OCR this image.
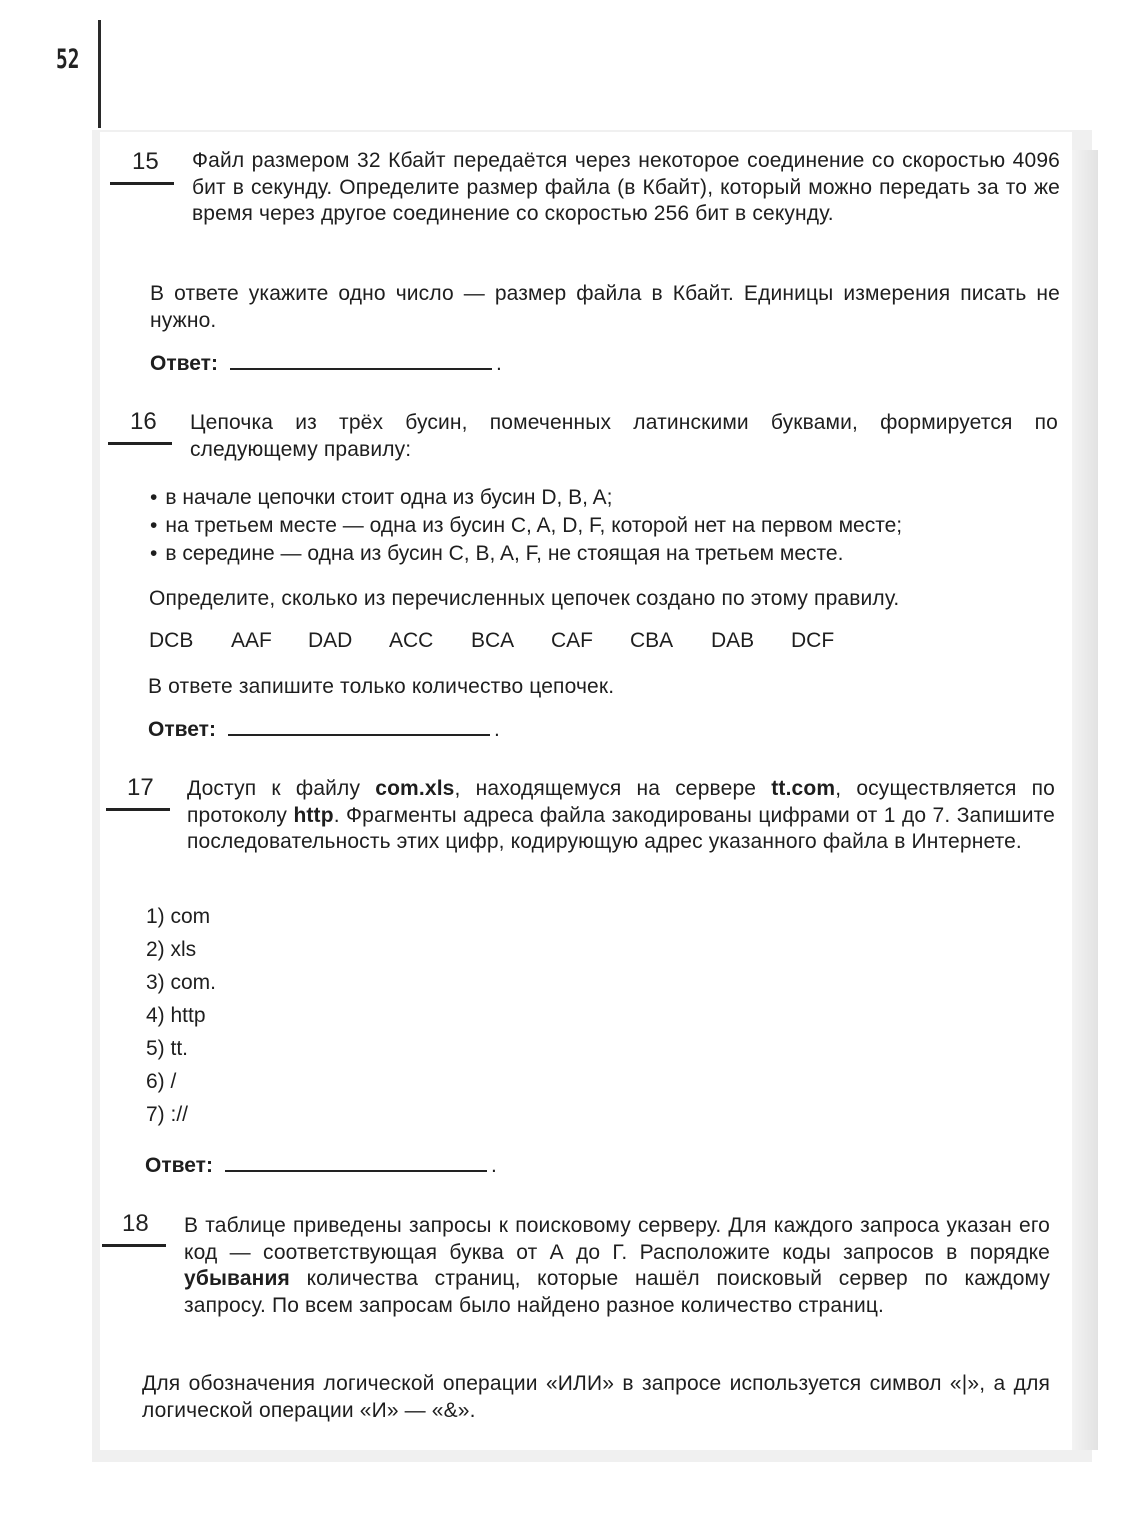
52
15 Файл размером 32 Кбайт передаётся через некоторое соединение со скоростью 4096 бит в секунду. Определите размер файла (в Кбайт), который можно передать за то же время через другое соединение со скоростью 256 бит в секунду.

В ответе укажите одно число — размер файла в Кбайт. Единицы измерения писать не нужно.

Ответ:	.
16 Цепочка из трёх бусин, помеченных латинскими буквами, формируется по следующему правилу:

• в начале цепочки стоит одна из бусин D, B, A;
• на третьем месте — одна из бусин C, A, D, F, которой нет на первом месте;
• в середине — одна из бусин C, B, A, F, не стоящая на третьем месте.

Определите, сколько из перечисленных цепочек создано по этому правилу.

DCB AAF DAD ACC BCA CAF CBA DAB DCF

В ответе запишите только количество цепочек.

Ответ:	.
17 Доступ к файлу com.xls, находящемуся на сервере tt.com, осуществляется по протоколу http. Фрагменты адреса файла закодированы цифрами от 1 до 7. Запишите последовательность этих цифр, кодирующую адрес указанного файла в Интернете.

1) com
2) xls
3) com.
4) http
5) tt.
6) /
7) ://
Ответ:	.
18 В таблице приведены запросы к поисковому серверу. Для каждого запроса указан его код — соответствующая буква от А до Г. Расположите коды запросов в порядке убывания количества страниц, которые нашёл поисковый сервер по каждому запросу. По всем запросам было найдено разное количество страниц.

Для обозначения логической операции «ИЛИ» в запросе используется символ «|», а для логической операции «И» — «&».
